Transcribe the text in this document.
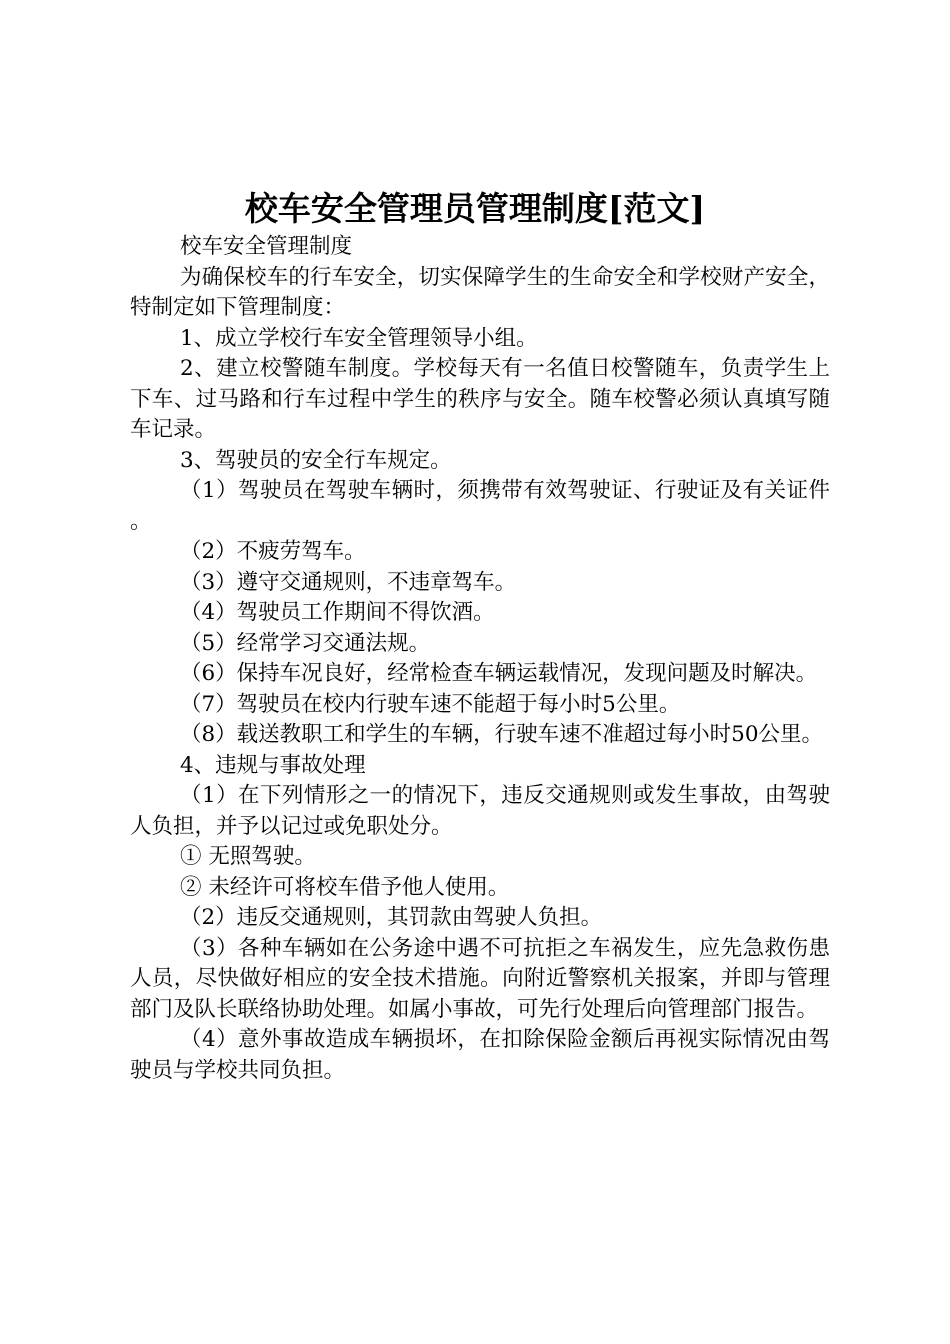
校车安全管理员管理制度[范文]

校车安全管理制度

为确保校车的行车安全，切实保障学生的生命安全和学校财产安全，特制定如下管理制度：

1、成立学校行车安全管理领导小组。

2、建立校警随车制度。学校每天有一名值日校警随车，负责学生上下车、过马路和行车过程中学生的秩序与安全。随车校警必须认真填写随车记录。

3、驾驶员的安全行车规定。

（1）驾驶员在驾驶车辆时，须携带有效驾驶证、行驶证及有关证件。

（2）不疲劳驾车。

（3）遵守交通规则，不违章驾车。

（4）驾驶员工作期间不得饮酒。

（5）经常学习交通法规。

（6）保持车况良好，经常检查车辆运载情况，发现问题及时解决。

（7）驾驶员在校内行驶车速不能超于每小时5公里。

（8）载送教职工和学生的车辆，行驶车速不准超过每小时50公里。

4、违规与事故处理

（1）在下列情形之一的情况下，违反交通规则或发生事故，由驾驶人负担，并予以记过或免职处分。

① 无照驾驶。

② 未经许可将校车借予他人使用。

（2）违反交通规则，其罚款由驾驶人负担。

（3）各种车辆如在公务途中遇不可抗拒之车祸发生，应先急救伤患人员，尽快做好相应的安全技术措施。向附近警察机关报案，并即与管理部门及队长联络协助处理。如属小事故，可先行处理后向管理部门报告。

（4）意外事故造成车辆损坏，在扣除保险金额后再视实际情况由驾驶员与学校共同负担。
